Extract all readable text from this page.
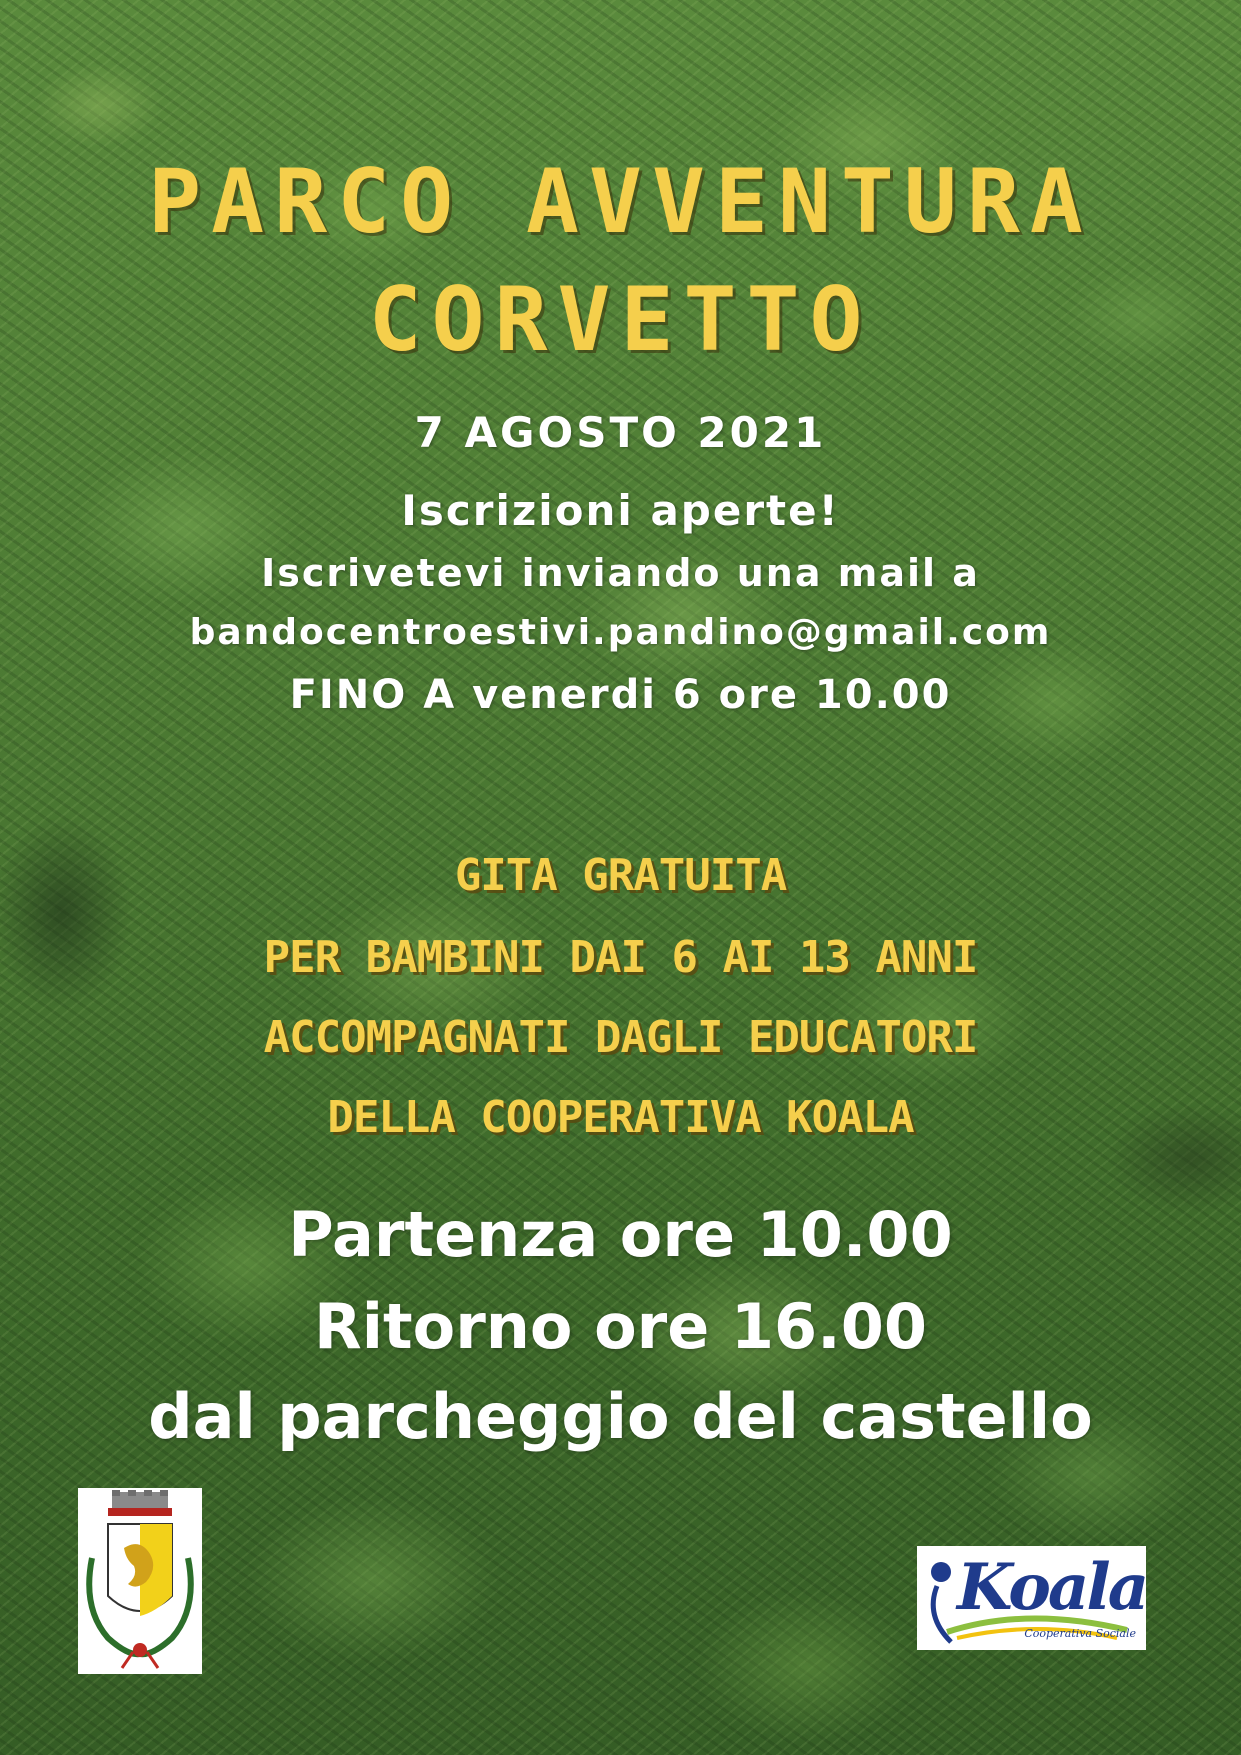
PARCO AVVENTURA
CORVETTO
7 AGOSTO 2021
Iscrizioni aperte!
Iscrivetevi inviando una mail a
bandocentroestivi.pandino@gmail.com
FINO A venerdi 6 ore 10.00
GITA GRATUITA
PER BAMBINI DAI 6 AI 13 ANNI
ACCOMPAGNATI DAGLI EDUCATORI
DELLA COOPERATIVA KOALA
Partenza ore 10.00
Ritorno ore 16.00
dal parcheggio del castello
Koala
Cooperativa Sociale
